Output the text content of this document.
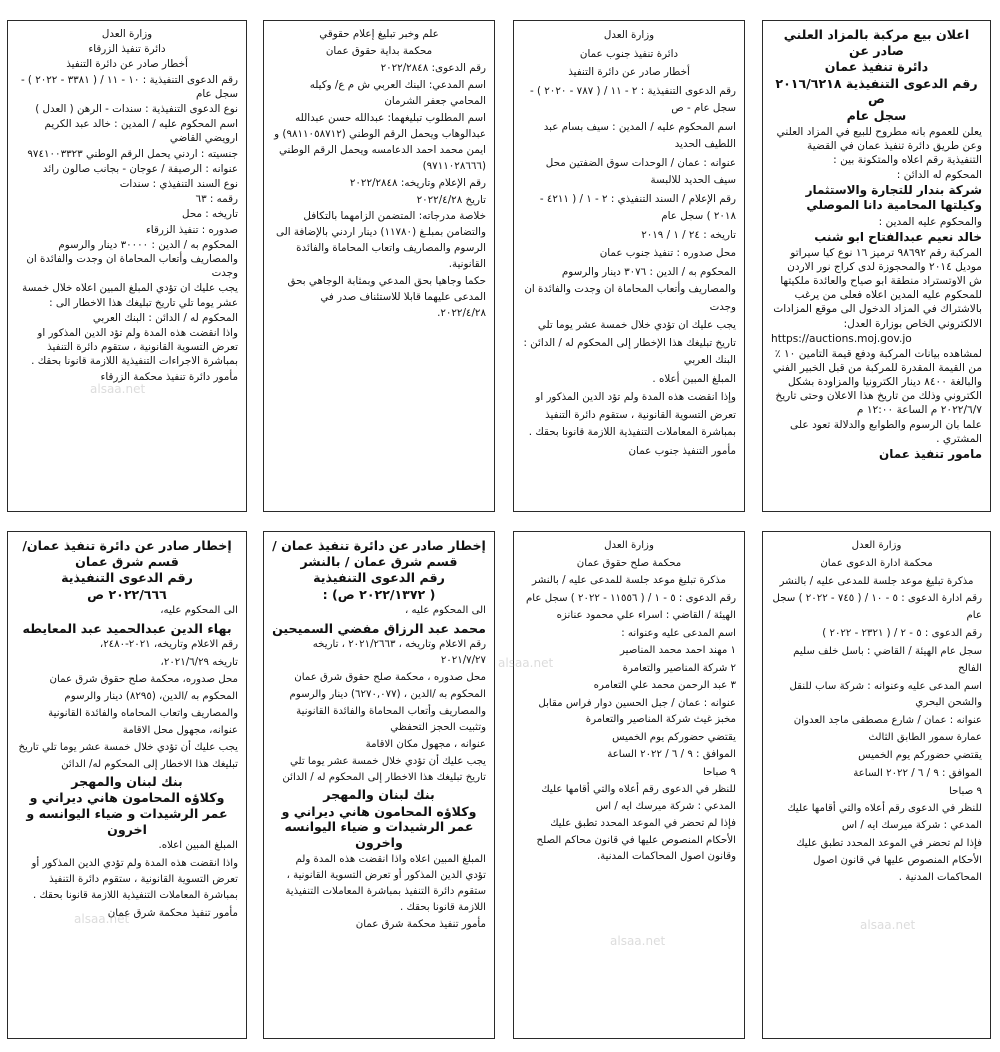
اعلان بيع مركبة بالمزاد العلني صادر عن

دائرة تنفيذ عمان

رقم الدعوى التنفيذية ٢٠١٦/٦٢١٨ ص

سجل عام

يعلن للعموم بانه مطروح للبيع في المزاد العلني وعن طريق دائرة تنفيذ عمان في القضية التنفيذية رقم اعلاه والمتكونة بين :

المحكوم له الدائن :

شركة بندار للتجارة والاستثمار وكيلتها المحامية دانا الموصلي

والمحكوم عليه المدين :

خالد نعيم عبدالفتاح ابو شنب

المركبة رقم ٩٨٦٩٢ ترميز ١٦ نوع كيا سيراتو موديل ٢٠١٤ والمحجوزة لدى كراج نور الاردن ش الاوتستراد منطقة ابو صياح والعائدة ملكيتها للمحكوم عليه المدين اعلاه فعلى من يرغب بالاشتراك في المزاد الدخول الى موقع المزادات الالكتروني الخاص بوزارة العدل:

https://auctions.moj.gov.jo

لمشاهده بيانات المركبة ودفع قيمة التامين ١٠ ٪ من القيمة المقدرة للمركبة من قبل الخبير الفني والبالغة ٨٤٠٠ دينار الكترونيا والمزاودة بشكل الكتروني وذلك من تاريخ هذا الاعلان وحتى تاريخ ٢٠٢٢/٦/٧ م الساعة ١٢:٠٠ م

علما بان الرسوم والطوابع والدلالة تعود على المشتري .

مامور تنفيذ عمان

وزارة العدل

دائرة تنفيذ جنوب عمان

أخطار صادر عن دائرة التنفيذ

رقم الدعوى التنفيذية : ٢ - ١١ / ( ٧٨٧ - ٢٠٢٠ ) - سجل عام - ص

اسم المحكوم عليه / المدين : سيف بسام عبد اللطيف الحديد

عنوانه : عمان / الوحدات سوق الضفتين محل سيف الحديد للالبسة

رقم الإعلام / السند التنفيذي : ٢ - ١ / ( ٤٢١١ - ٢٠١٨ ) سجل عام

تاريخه : ٢٤ / ١ / ٢٠١٩

محل صدوره : تنفيذ جنوب عمان

المحكوم به / الدين : ٣٠٧٦ دينار والرسوم والمصاريف وأتعاب المحاماة ان وجدت والفائدة ان وجدت

يجب عليك ان تؤدي خلال خمسة عشر يوما تلي تاريخ تبليغك هذا الإخطار إلى المحكوم له / الدائن : البنك العربي

المبلغ المبين أعلاه .

وإذا انقضت هذه المدة ولم تؤد الدين المذكور او تعرض التسوية القانونية ، ستقوم دائرة التنفيذ بمباشرة المعاملات التنفيذية اللازمة قانونا بحقك .

مأمور التنفيذ جنوب عمان

علم وخبر تبليغ إعلام حقوقي

محكمة بداية حقوق عمان

رقم الدعوى: ٢٠٢٢/٢٨٤٨

اسم المدعي: البنك العربي ش م ع/ وكيله المحامي جعفر الشرمان

اسم المطلوب تبليغهما: عبدالله حسن عبدالله عبدالوهاب ويحمل الرقم الوطني (٩٨١١٠٥٨٧١٢) و ايمن محمد احمد الدعامسه ويحمل الرقم الوطني (٩٧١١٠٢٨٦٦٦)

رقم الإعلام وتاريخه: ٢٠٢٢/٢٨٤٨

تاريخ ٢٠٢٢/٤/٢٨

خلاصة مدرجاته: المتضمن الزامهما بالتكافل والتضامن بمبلـغ (١١٧٨٠) دينار اردني بالإضافة الى الرسوم والمصاريف واتعاب المحاماة والفائدة القانونية.

حكما وجاهيا بحق المدعي وبمثابة الوجاهي بحق المدعى عليهما قابلا للاستئناف صدر في ٢٠٢٢/٤/٢٨.

وزارة العدل

دائرة تنفيذ الزرقاء

أخطار صادر عن دائرة التنفيذ

رقم الدعوى التنفيذية : ١٠ - ١١ / ( ٣٣٨١ - ٢٠٢٢ ) - سجل عام

نوع الدعوى التنفيذية : سندات - الرهن ( العدل )

اسم المحكوم عليه / المدين : خالد عبد الكريم ارويضي القاضي

جنسيته : اردني يحمل الرقم الوطني ٩٧٤١٠٠٣٣٢٣

عنوانه : الرصيفة / عوجان - بجانب صالون رائد

نوع السند التنفيذي : سندات

رقمه : ٦٣

تاريخه : محل

صدوره : تنفيذ الزرقاء

المحكوم به / الدين : ٣٠٠٠٠ دينار والرسوم والمصاريف وأتعاب المحاماة ان وجدت والفائدة ان وجدت

يجب عليك ان تؤدي المبلغ المبين اعلاه خلال خمسة عشر يوما تلي تاريخ تبليغك هذا الاخطار الى :

المحكوم له / الدائن : البنك العربي

واذا انقضت هذه المدة ولم تؤد الدين المذكور او تعرض التسوية القانونية ، ستقوم دائرة التنفيذ بمباشرة الاجراءات التنفيذية اللازمة قانونا بحقك .

مأمور دائرة تنفيذ محكمة الزرقاء

وزارة العدل

محكمة ادارة الدعوى عمان

مذكرة تبليغ موعد جلسة للمدعى عليه / بالنشر

رقم ادارة الدعوى : ٥ - ١٠ / ( ٧٤٥ - ٢٠٢٢ ) سجل عام

رقم الدعوى : ٥ - ٢ / ( ٢٣٢١ - ٢٠٢٢ )

سجل عام الهيئة / القاضي : باسل خلف سليم الفالح

اسم المدعى عليه وعنوانه : شركة ساب للنقل والشحن البحري

عنوانه : عمان / شارع مصطفى ماجد العدوان عمارة سمور الطابق الثالث

يقتضي حضوركم يوم الخميس

الموافق : ٩ / ٦ / ٢٠٢٢ الساعة

٩ صباحا

للنظر في الدعوى رقم أعلاه والتي أقامها عليك المدعي : شركة ميرسك ايه / اس

فإذا لم تحضر في الموعد المحدد تطبق عليك الأحكام المنصوص عليها في قانون اصول المحاكمات المدنية .

وزارة العدل

محكمة صلح حقوق عمان

مذكرة تبليغ موعد جلسة للمدعى عليه / بالنشر

رقم الدعوى : ٥ - ١ / ( ١١٥٥٦ - ٢٠٢٢ ) سجل عام

الهيئة / القاضي : اسراء علي محمود عنانزه

اسم المدعى عليه وعنوانه :

١ مهند احمد محمد المناصير

٢ شركة المناصير والتعامرة

٣ عبد الرحمن محمد علي التعامره

عنوانه : عمان / جبل الحسين دوار فراس مقابل مخبز غيث شركة المناصير والتعامرة

يقتضي حضوركم يوم الخميس

الموافق : ٩ / ٦ / ٢٠٢٢ الساعة

٩ صباحا

للنظر في الدعوى رقم أعلاه والتي أقامها عليك المدعي : شركة ميرسك ايه / اس

فإذا لم تحضر في الموعد المحدد تطبق عليك الأحكام المنصوص عليها في قانون محاكم الصلح وقانون اصول المحاكمات المدنية.

إخطار صادر عن دائرة تنفيذ عمان / قسم شرق عمان / بالنشر

رقم الدعوى التنفيذية

( ٢٠٢٢/١٣٧٢ ص) :

الى المحكوم عليه ،

محمد عبد الرزاق مفضي السميحين

رقم الاعلام وتاريخه ، ٢٠٢١/٢٦٦٣ ، تاريخه ٢٠٢١/٧/٢٧

محل صدوره ، محكمة صلح حقوق شرق عمان

المحكوم به /الدين ، (٦٢٧٠,٠٧٧) دينار والرسوم والمصاريف وأتعاب المحاماة والفائدة القانونية وتثبيت الحجز التحفظي

عنوانه ، مجهول مكان الاقامة

يجب عليك أن تؤدي خلال خمسة عشر يوما تلي تاريخ تبليغك هذا الاخطار إلى المحكوم له / الدائن

بنك لبنان والمهجر

وكلاؤه المحامون هاني ديراني و عمر الرشيدات و ضياء اليوانسه واخرون

المبلغ المبين اعلاه واذا انقضت هذه المدة ولم تؤدي الدين المذكور أو تعرض التسوية القانونية ، ستقوم دائرة التنفيذ بمباشرة المعاملات التنفيذية اللازمة قانونا بحقك .

مأمور تنفيذ محكمة شرق عمان

إخطار صادر عن دائرة تنفيذ عمان/ قسم شرق عمان

رقم الدعوى التنفيذية

٢٠٢٢/٦٦٦ ص

الى المحكوم عليه،

بهاء الدين عبدالحميد عبد المعايطه

رقم الاعلام وتاريخه، ٢٠٢١-٢٤٨٠،

تاريخه ٢٠٢١/٦/٢٩،

محل صدوره، محكمة صلح حقوق شرق عمان

المحكوم به /الدين، (٨٢٩٥) دينار والرسوم والمصاريف واتعاب المحاماه والفائدة القانونية

عنوانه، مجهول محل الاقامة

يجب عليك أن تؤدي خلال خمسة عشر يوما تلي تاريخ تبليغك هذا الاخطار إلى المحكوم له/ الدائن

بنك لبنان والمهجر

وكلاؤه المحامون هاني ديراني و عمر الرشيدات و ضياء اليوانسه و اخرون

المبلغ المبين اعلاه.

واذا انقضت هذه المدة ولم تؤدي الدين المذكور أو تعرض التسوية القانونية ، ستقوم دائرة التنفيذ بمباشرة المعاملات التنفيذية اللازمة قانونا بحقك .

مأمور تنفيذ محكمة شرق عمان

alsaa.net
alsaa.net	alsaa.net
alsaa.net
alsaa.net
